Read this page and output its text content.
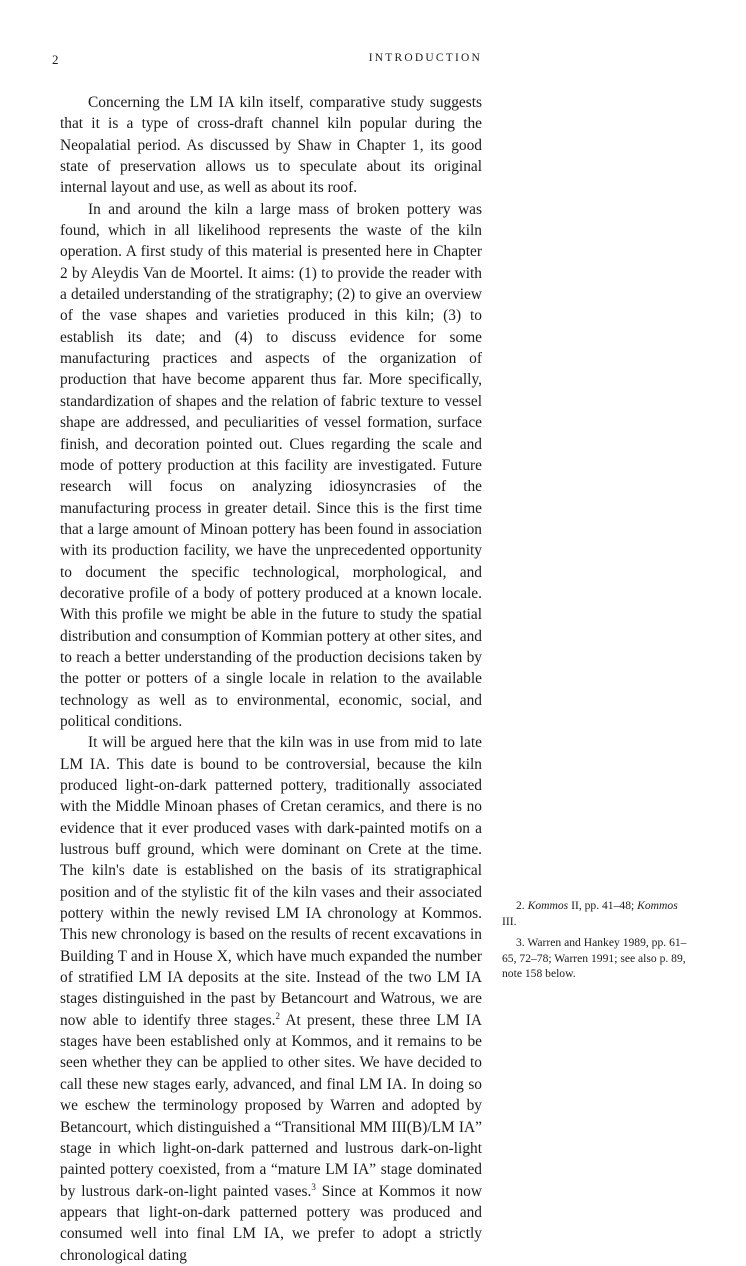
2	INTRODUCTION

Concerning the LM IA kiln itself, comparative study suggests that it is a type of cross-draft channel kiln popular during the Neopalatial period. As discussed by Shaw in Chapter 1, its good state of preservation allows us to speculate about its original internal layout and use, as well as about its roof.

In and around the kiln a large mass of broken pottery was found, which in all likelihood represents the waste of the kiln operation. A first study of this material is presented here in Chapter 2 by Aleydis Van de Moortel. It aims: (1) to provide the reader with a detailed understanding of the stratigraphy; (2) to give an overview of the vase shapes and varieties produced in this kiln; (3) to establish its date; and (4) to discuss evidence for some manufacturing practices and aspects of the organization of production that have become apparent thus far. More specifically, standardization of shapes and the relation of fabric texture to vessel shape are addressed, and peculiarities of vessel formation, surface finish, and decoration pointed out. Clues regarding the scale and mode of pottery production at this facility are investigated. Future research will focus on analyzing idiosyncrasies of the manufacturing process in greater detail. Since this is the first time that a large amount of Minoan pottery has been found in association with its production facility, we have the unprecedented opportunity to document the specific technological, morphological, and decorative profile of a body of pottery produced at a known locale. With this profile we might be able in the future to study the spatial distribution and consumption of Kommian pottery at other sites, and to reach a better understanding of the production decisions taken by the potter or potters of a single locale in relation to the available technology as well as to environmental, economic, social, and political conditions.

It will be argued here that the kiln was in use from mid to late LM IA. This date is bound to be controversial, because the kiln produced light-on-dark patterned pottery, traditionally associated with the Middle Minoan phases of Cretan ceramics, and there is no evidence that it ever produced vases with dark-painted motifs on a lustrous buff ground, which were dominant on Crete at the time. The kiln's date is established on the basis of its stratigraphical position and of the stylistic fit of the kiln vases and their associated pottery within the newly revised LM IA chronology at Kommos. This new chronology is based on the results of recent excavations in Building T and in House X, which have much expanded the number of stratified LM IA deposits at the site. Instead of the two LM IA stages distinguished in the past by Betancourt and Watrous, we are now able to identify three stages.$^2$ At present, these three LM IA stages have been established only at Kommos, and it remains to be seen whether they can be applied to other sites. We have decided to call these new stages early, advanced, and final LM IA. In doing so we eschew the terminology proposed by Warren and adopted by Betancourt, which distinguished a “Transitional MM III(B)/LM IA” stage in which light-on-dark patterned and lustrous dark-on-light painted pottery coexisted, from a “mature LM IA” stage dominated by lustrous dark-on-light painted vases.$^3$ Since at Kommos it now appears that light-on-dark patterned pottery was produced and consumed well into final LM IA, we prefer to adopt a strictly chronological dating

2. Kommos II, pp. 41–48; Kommos III.

3. Warren and Hankey 1989, pp. 61–65, 72–78; Warren 1991; see also p. 89, note 158 below.
